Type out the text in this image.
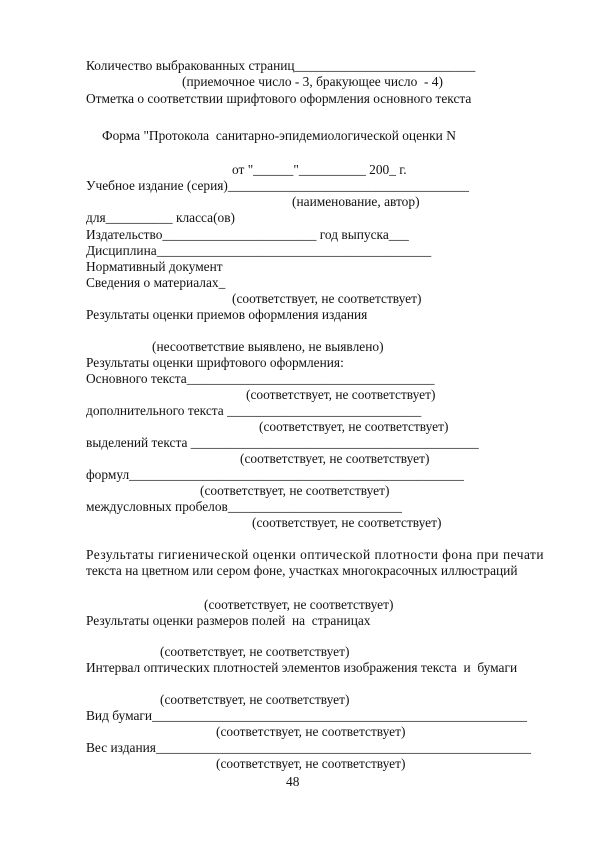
Количество выбракованных страниц___________________________
(приемочное число - 3, бракующее число  - 4)
Отметка о соответствии шрифтового оформления основного текста
Форма "Протокола  санитарно-эпидемиологической оценки N
от "______"__________ 200_ г.
Учебное издание (серия)____________________________________
(наименование, автор)
для__________ класса(ов)
Издательство_______________________ год выпуска___
Дисциплина_________________________________________
Нормативный документ
Сведения о материалах_
(соответствует, не соответствует)
Результаты оценки приемов оформления издания
(несоответствие выявлено, не выявлено)
Результаты оценки шрифтового оформления:
Основного текста_____________________________________
(соответствует, не соответствует)
дополнительного текста _____________________________
(соответствует, не соответствует)
выделений текста ___________________________________________
(соответствует, не соответствует)
формул__________________________________________________
(соответствует, не соответствует)
междусловных пробелов__________________________
(соответствует, не соответствует)
Результаты гигиенической оценки оптической плотности фона при печати
текста на цветном или сером фоне, участках многокрасочных иллюстраций
(соответствует, не соответствует)
Результаты оценки размеров полей  на  страницах
(соответствует, не соответствует)
Интервал оптических плотностей элементов изображения текста  и  бумаги
(соответствует, не соответствует)
Вид бумаги________________________________________________________
(соответствует, не соответствует)
Вес издания________________________________________________________
(соответствует, не соответствует)
48
